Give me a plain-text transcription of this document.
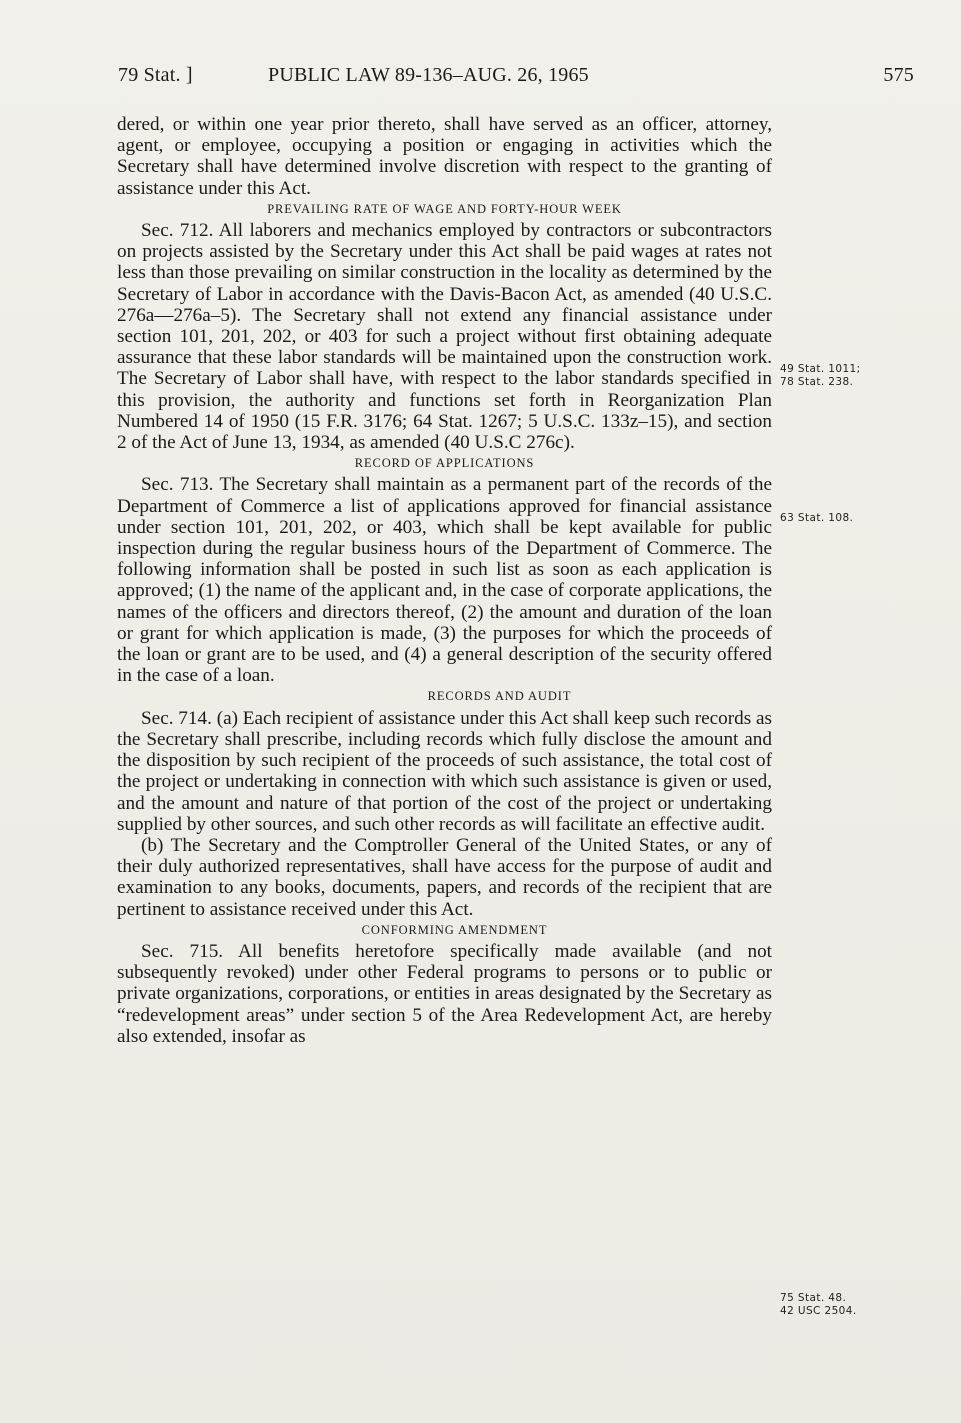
79 Stat. ]	PUBLIC LAW 89-136–AUG. 26, 1965	575

dered, or within one year prior thereto, shall have served as an officer, attorney, agent, or employee, occupying a position or engaging in activities which the Secretary shall have determined involve discretion with respect to the granting of assistance under this Act.

PREVAILING RATE OF WAGE AND FORTY-HOUR WEEK

Sec. 712. All laborers and mechanics employed by contractors or subcontractors on projects assisted by the Secretary under this Act shall be paid wages at rates not less than those prevailing on similar construction in the locality as determined by the Secretary of Labor in accordance with the Davis-Bacon Act, as amended (40 U.S.C. 276a—276a–5). The Secretary shall not extend any financial assistance under section 101, 201, 202, or 403 for such a project without first obtaining adequate assurance that these labor standards will be maintained upon the construction work. The Secretary of Labor shall have, with respect to the labor standards specified in this provision, the authority and functions set forth in Reorganization Plan Numbered 14 of 1950 (15 F.R. 3176; 64 Stat. 1267; 5 U.S.C. 133z–15), and section 2 of the Act of June 13, 1934, as amended (40 U.S.C 276c).

RECORD OF APPLICATIONS

Sec. 713. The Secretary shall maintain as a permanent part of the records of the Department of Commerce a list of applications approved for financial assistance under section 101, 201, 202, or 403, which shall be kept available for public inspection during the regular business hours of the Department of Commerce. The following information shall be posted in such list as soon as each application is approved; (1) the name of the applicant and, in the case of corporate applications, the names of the officers and directors thereof, (2) the amount and duration of the loan or grant for which application is made, (3) the purposes for which the proceeds of the loan or grant are to be used, and (4) a general description of the security offered in the case of a loan.

RECORDS AND AUDIT

Sec. 714. (a) Each recipient of assistance under this Act shall keep such records as the Secretary shall prescribe, including records which fully disclose the amount and the disposition by such recipient of the proceeds of such assistance, the total cost of the project or undertaking in connection with which such assistance is given or used, and the amount and nature of that portion of the cost of the project or undertaking supplied by other sources, and such other records as will facilitate an effective audit.

(b) The Secretary and the Comptroller General of the United States, or any of their duly authorized representatives, shall have access for the purpose of audit and examination to any books, documents, papers, and records of the recipient that are pertinent to assistance received under this Act.

CONFORMING AMENDMENT

Sec. 715. All benefits heretofore specifically made available (and not subsequently revoked) under other Federal programs to persons or to public or private organizations, corporations, or entities in areas designated by the Secretary as “redevelopment areas” under section 5 of the Area Redevelopment Act, are hereby also extended, insofar as

49 Stat. 1011;
78 Stat. 238.
63 Stat. 108.
75 Stat. 48.
42 USC 2504.
